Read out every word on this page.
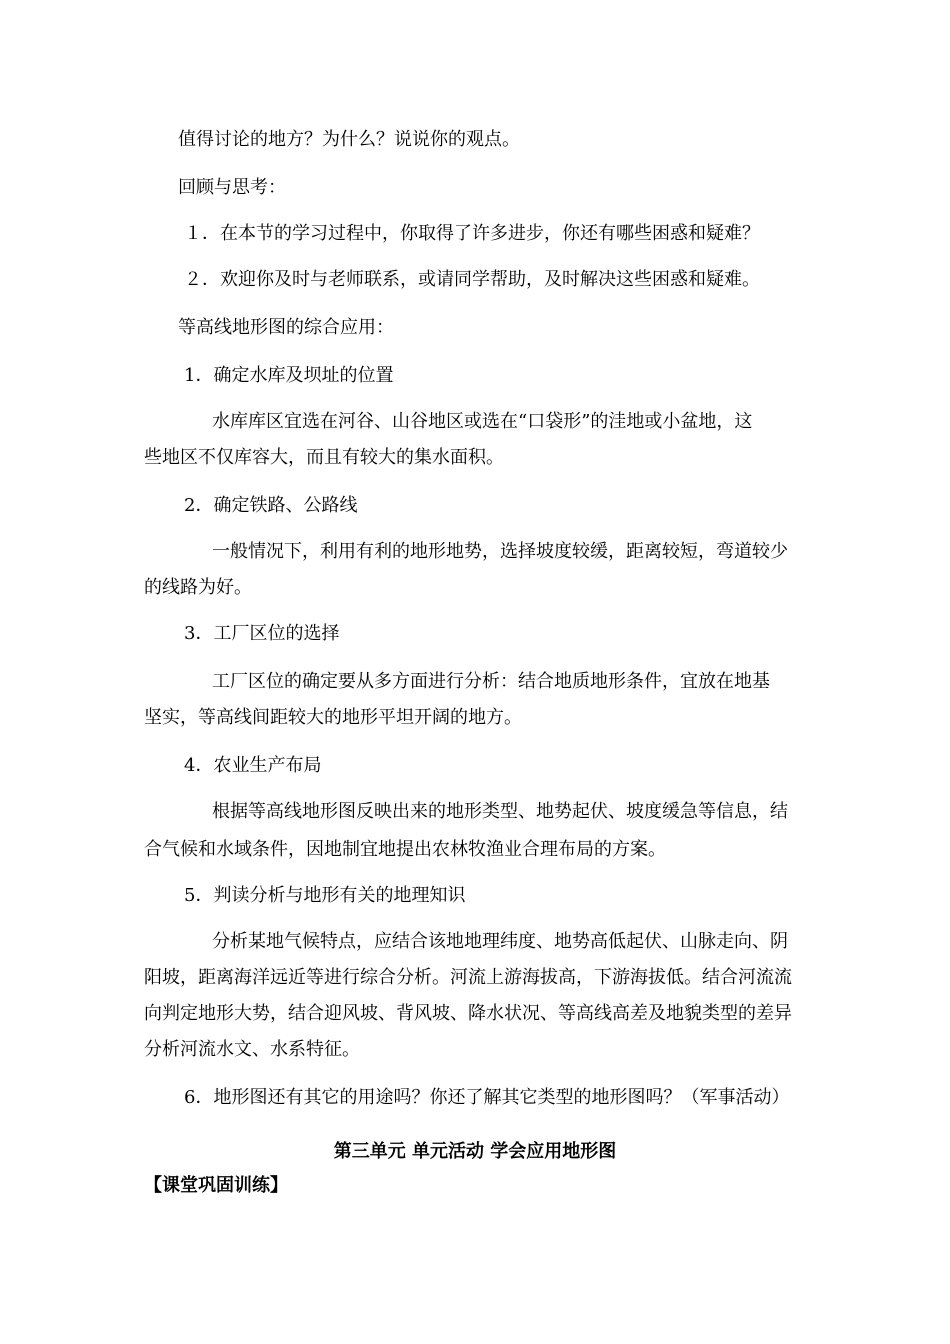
值得讨论的地方？为什么？说说你的观点。

回顾与思考：

１．在本节的学习过程中，你取得了许多进步，你还有哪些困惑和疑难？

２．欢迎你及时与老师联系，或请同学帮助，及时解决这些困惑和疑难。

等高线地形图的综合应用：

1．确定水库及坝址的位置

水库库区宜选在河谷、山谷地区或选在“口袋形”的洼地或小盆地，这

些地区不仅库容大，而且有较大的集水面积。

2．确定铁路、公路线

一般情况下，利用有利的地形地势，选择坡度较缓，距离较短，弯道较少

的线路为好。

3．工厂区位的选择

工厂区位的确定要从多方面进行分析：结合地质地形条件，宜放在地基

坚实，等高线间距较大的地形平坦开阔的地方。

4．农业生产布局

根据等高线地形图反映出来的地形类型、地势起伏、坡度缓急等信息，结

合气候和水域条件，因地制宜地提出农林牧渔业合理布局的方案。

5．判读分析与地形有关的地理知识

分析某地气候特点，应结合该地地理纬度、地势高低起伏、山脉走向、阴

阳坡，距离海洋远近等进行综合分析。河流上游海拔高，下游海拔低。结合河流流

向判定地形大势，结合迎风坡、背风坡、降水状况、等高线高差及地貌类型的差异

分析河流水文、水系特征。

6．地形图还有其它的用途吗？你还了解其它类型的地形图吗？（军事活动）

第三单元 单元活动 学会应用地形图

【课堂巩固训练】
